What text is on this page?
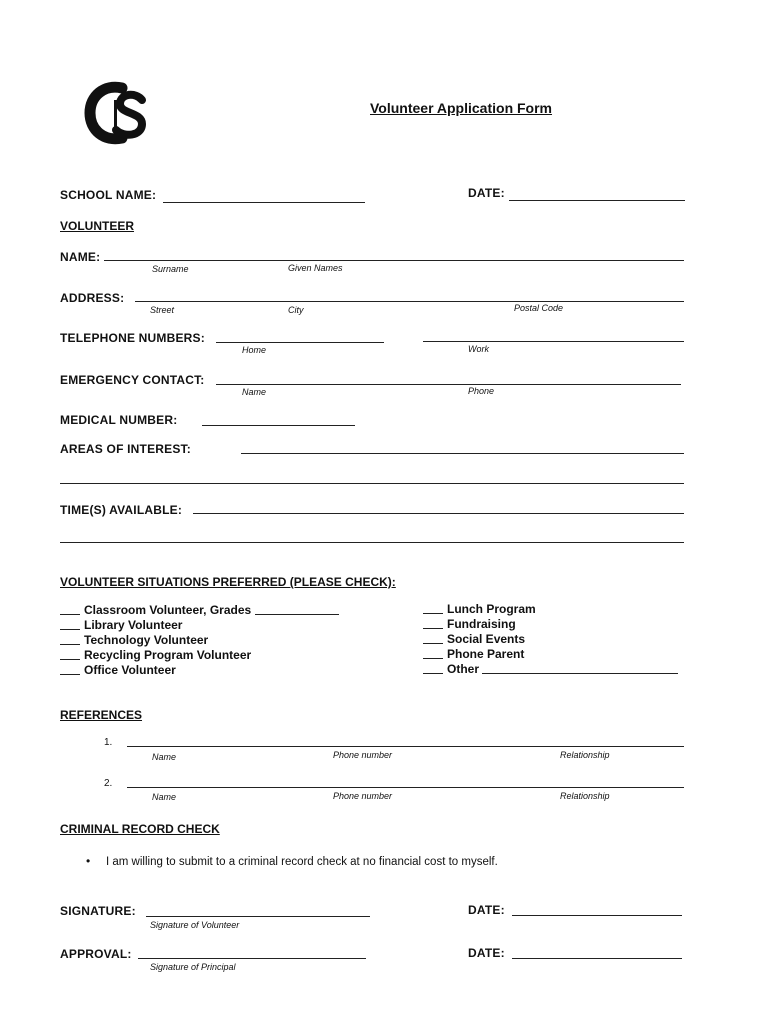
Volunteer Application Form
SCHOOL NAME:	DATE:
VOLUNTEER
NAME:
Surname	Given Names
ADDRESS:
Street	City	Postal Code
TELEPHONE NUMBERS:
Home	Work
EMERGENCY CONTACT:
Name	Phone
MEDICAL NUMBER:
AREAS OF INTEREST:
TIME(S) AVAILABLE:
VOLUNTEER SITUATIONS PREFERRED (PLEASE CHECK):
Classroom Volunteer, Grades
Library Volunteer
Technology Volunteer
Recycling Program Volunteer
Office Volunteer
Lunch Program
Fundraising
Social Events
Phone Parent
Other
REFERENCES
1.
Name	Phone number	Relationship
2.
Name	Phone number	Relationship
CRIMINAL RECORD CHECK
• I am willing to submit to a criminal record check at no financial cost to myself.
SIGNATURE:
Signature of Volunteer
DATE:
APPROVAL:
Signature of Principal
DATE:
